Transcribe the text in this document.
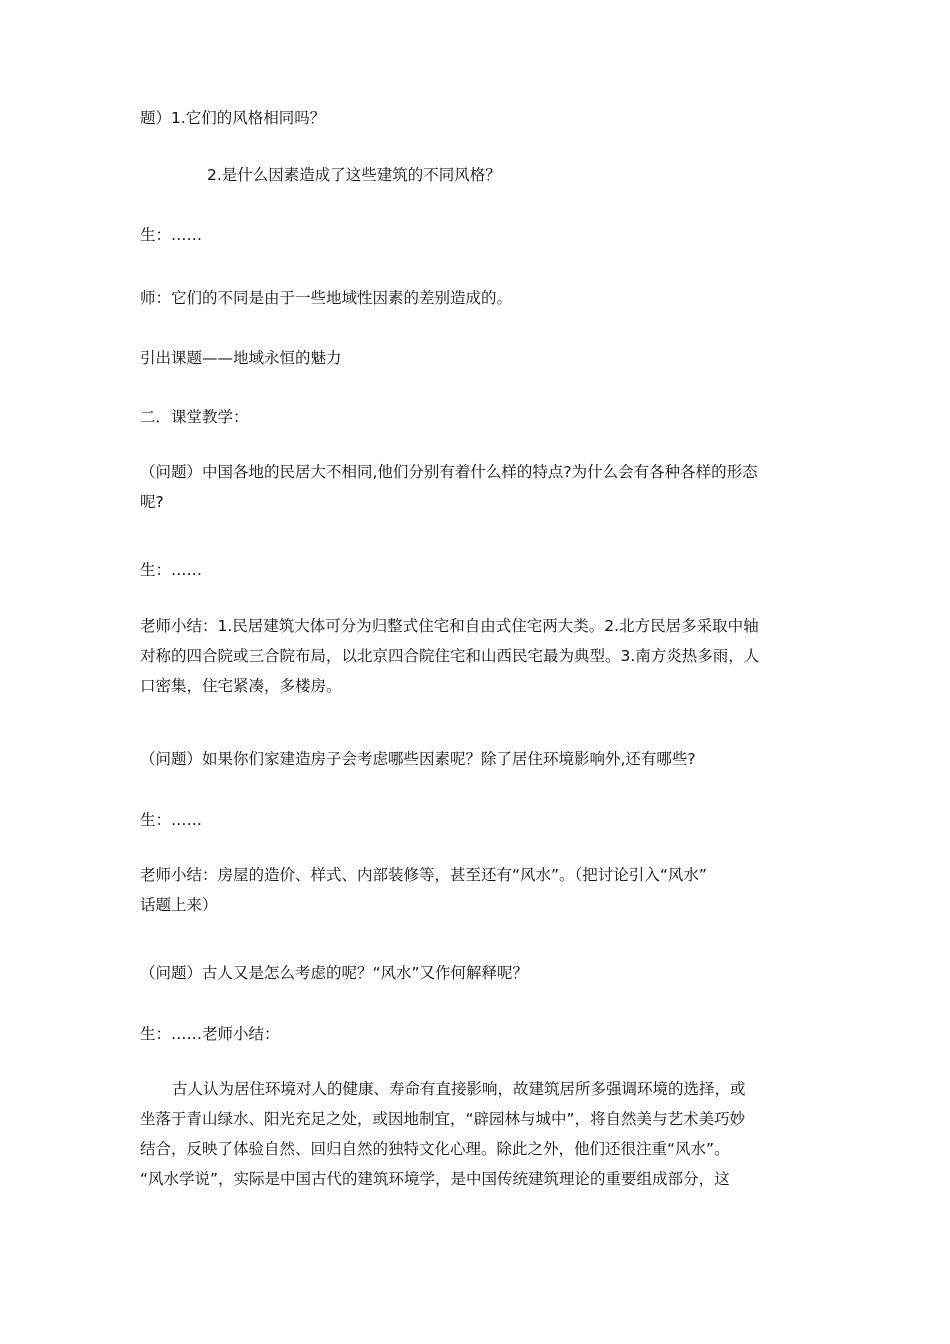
题）1.它们的风格相同吗？

2.是什么因素造成了这些建筑的不同风格？

生：……

师：它们的不同是由于一些地域性因素的差别造成的。

引出课题——地域永恒的魅力

二．课堂教学：

（问题）中国各地的民居大不相同,他们分别有着什么样的特点?为什么会有各种各样的形态
呢?

生：……

老师小结：1.民居建筑大体可分为归整式住宅和自由式住宅两大类。2.北方民居多采取中轴
对称的四合院或三合院布局，以北京四合院住宅和山西民宅最为典型。3.南方炎热多雨，人
口密集，住宅紧凑，多楼房。

（问题）如果你们家建造房子会考虑哪些因素呢？除了居住环境影响外,还有哪些?

生：……

老师小结：房屋的造价、样式、内部装修等，甚至还有“风水”。（把讨论引入“风水”
话题上来）

（问题）古人又是怎么考虑的呢？“风水”又作何解释呢？

生：……老师小结：

古人认为居住环境对人的健康、寿命有直接影响，故建筑居所多强调环境的选择，或
坐落于青山绿水、阳光充足之处，或因地制宜，“辟园林与城中”，将自然美与艺术美巧妙
结合，反映了体验自然、回归自然的独特文化心理。除此之外，他们还很注重“风水”。
“风水学说”，实际是中国古代的建筑环境学，是中国传统建筑理论的重要组成部分，这
